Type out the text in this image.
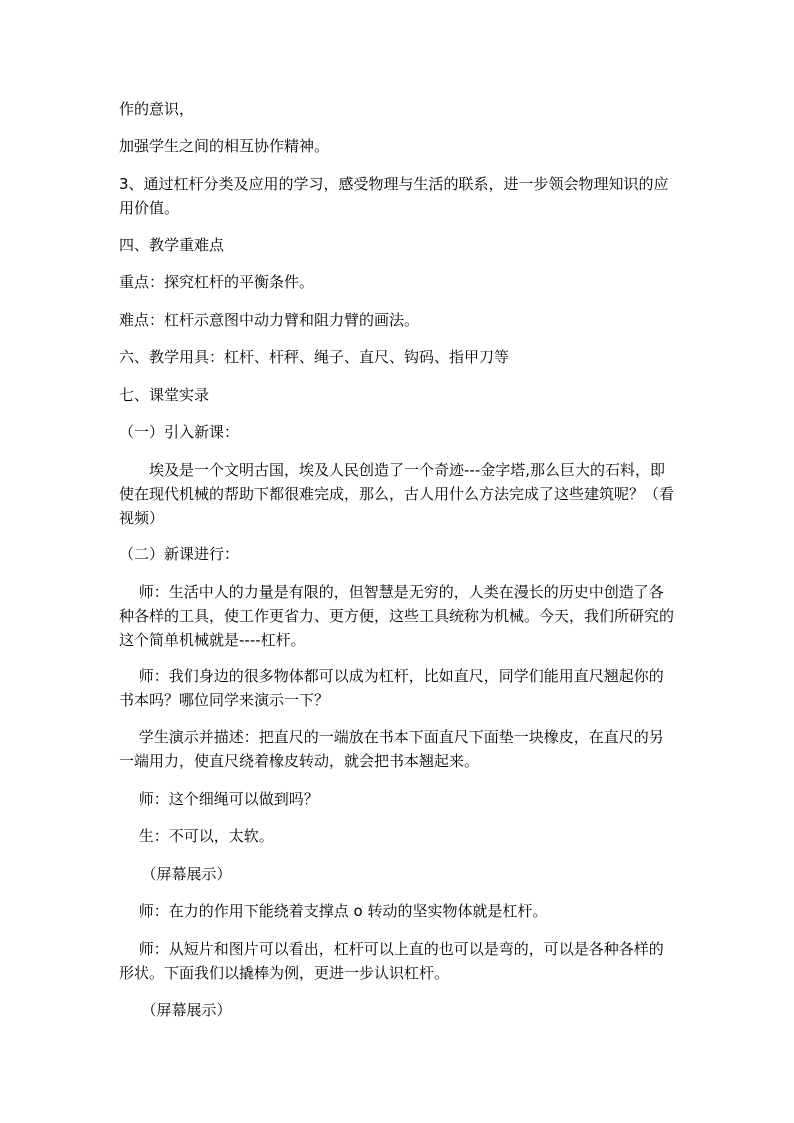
作的意识，

加强学生之间的相互协作精神。

3、通过杠杆分类及应用的学习，感受物理与生活的联系，进一步领会物理知识的应用价值。

四、教学重难点

重点：探究杠杆的平衡条件。

难点：杠杆示意图中动力臂和阻力臂的画法。

六、教学用具：杠杆、杆秤、绳子、直尺、钩码、指甲刀等

七、课堂实录

（一）引入新课：

　　埃及是一个文明古国，埃及人民创造了一个奇迹---金字塔,那么巨大的石料，即使在现代机械的帮助下都很难完成，那么，古人用什么方法完成了这些建筑呢？（看视频）

（二）新课进行：

　 师：生活中人的力量是有限的，但智慧是无穷的，人类在漫长的历史中创造了各种各样的工具，使工作更省力、更方便，这些工具统称为机械。今天，我们所研究的这个简单机械就是----杠杆。

　 师：我们身边的很多物体都可以成为杠杆，比如直尺，同学们能用直尺翘起你的书本吗？哪位同学来演示一下？

　 学生演示并描述：把直尺的一端放在书本下面直尺下面垫一块橡皮，在直尺的另一端用力，使直尺绕着橡皮转动，就会把书本翘起来。

　 师：这个细绳可以做到吗？

　 生：不可以，太软。

　　（屏幕展示）

　 师：在力的作用下能绕着支撑点 o 转动的坚实物体就是杠杆。

　 师：从短片和图片可以看出，杠杆可以上直的也可以是弯的，可以是各种各样的形状。下面我们以撬棒为例，更进一步认识杠杆。

　　（屏幕展示）
